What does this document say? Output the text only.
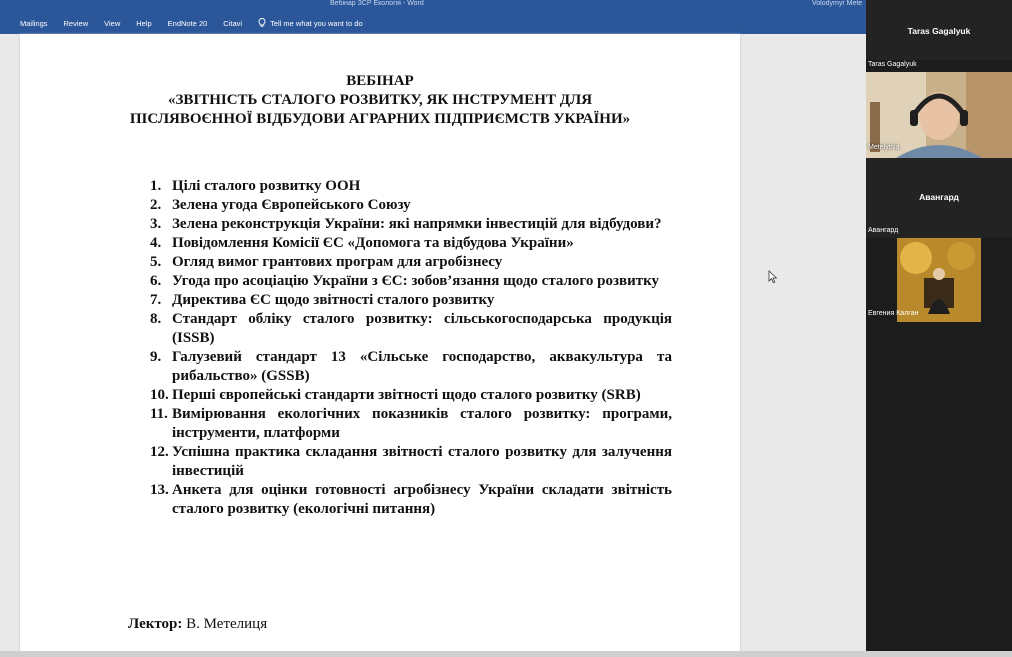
Вебінар ЗСР Екологія - Word	Volodymyr Mete
Mailings Review View Help EndNote 20 Citavi	Tell me what you want to do
ВЕБІНАР
«ЗВІТНІСТЬ СТАЛОГО РОЗВИТКУ, ЯК ІНСТРУМЕНТ ДЛЯ
ПІСЛЯВОЄННОЇ ВІДБУДОВИ АГРАРНИХ ПІДПРИЄМСТВ УКРАЇНИ»
1. Цілі сталого розвитку ООН
2. Зелена угода Європейського Союзу
3. Зелена реконструкція України: які напрямки інвестицій для відбудови?
4. Повідомлення Комісії ЄС «Допомога та відбудова України»
5. Огляд вимог грантових програм для агробізнесу
6. Угода про асоціацію України з ЄС: зобов’язання щодо сталого розвитку
7. Директива ЄС щодо звітності сталого розвитку
8. Стандарт обліку сталого розвитку: сільськогосподарська продукція (ISSB)
9. Галузевий стандарт 13 «Сільське господарство, аквакультура та рибальство» (GSSB)
10. Перші європейські стандарти звітності щодо сталого розвитку (SRB)
11. Вимірювання екологічних показників сталого розвитку: програми, інструменти, платформи
12. Успішна практика складання звітності сталого розвитку для залучення інвестицій
13. Анкета для оцінки готовності агробізнесу України складати звітність сталого розвитку (екологічні питання)
Лектор: В. Метелиця
Taras Gagalyuk
Taras Gagalyuk
Metelytsia
Авангард
Авангард
Евгения Калган
